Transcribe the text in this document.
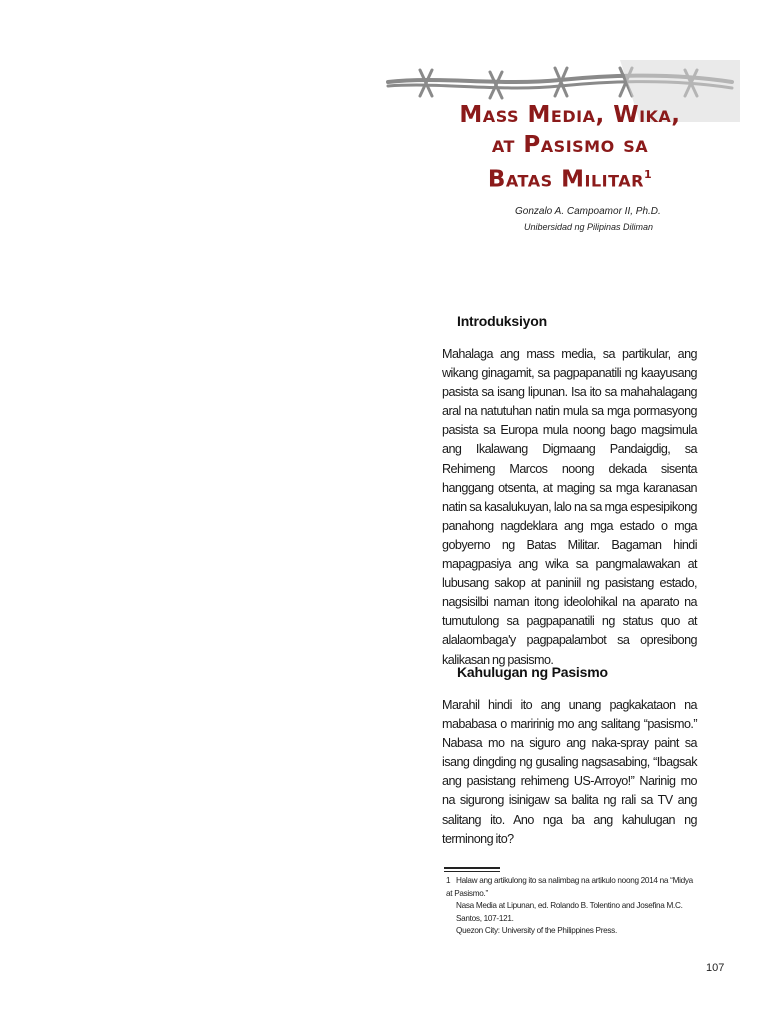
Mass Media, Wika,
at Pasismo sa
Batas Militar$^1$
Gonzalo A. Campoamor II, Ph.D.
Unibersidad ng Pilipinas Diliman
Introduksiyon
Mahalaga ang mass media, sa partikular, ang wikang ginagamit, sa pagpapanatili ng kaayusang pasista sa isang lipunan. Isa ito sa mahahalagang aral na natutuhan natin mula sa mga pormasyong pasista sa Europa mula noong bago magsimula ang Ikalawang Digmaang Pandaigdig, sa Rehimeng Marcos noong dekada sisenta hanggang otsenta, at maging sa mga karanasan natin sa kasalukuyan, lalo na sa mga espesipikong panahong nagdeklara ang mga estado o mga gobyerno ng Batas Militar. Bagaman hindi mapagpasiya ang wika sa pangmalawakan at lubusang sakop at paniniil ng pasistang estado, nagsisilbi naman itong ideolohikal na aparato na tumutulong sa pagpapanatili ng status quo at alalaombaga'y pagpapalambot sa opresibong kalikasan ng pasismo.
Kahulugan ng Pasismo
Marahil hindi ito ang unang pagkakataon na mababasa o maririnig mo ang salitang “pasismo.” Nabasa mo na siguro ang naka-spray paint sa isang dingding ng gusaling nagsasabing, “Ibagsak ang pasistang rehimeng US-Arroyo!” Narinig mo na sigurong isinigaw sa balita ng rali sa TV ang salitang ito. Ano nga ba ang kahulugan ng terminong ito?
1 Halaw ang artikulong ito sa nalimbag na artikulo noong 2014 na “Midya at Pasismo.”
Nasa Media at Lipunan, ed. Rolando B. Tolentino and Josefina M.C. Santos, 107-121.
Quezon City: University of the Philippines Press.
107
